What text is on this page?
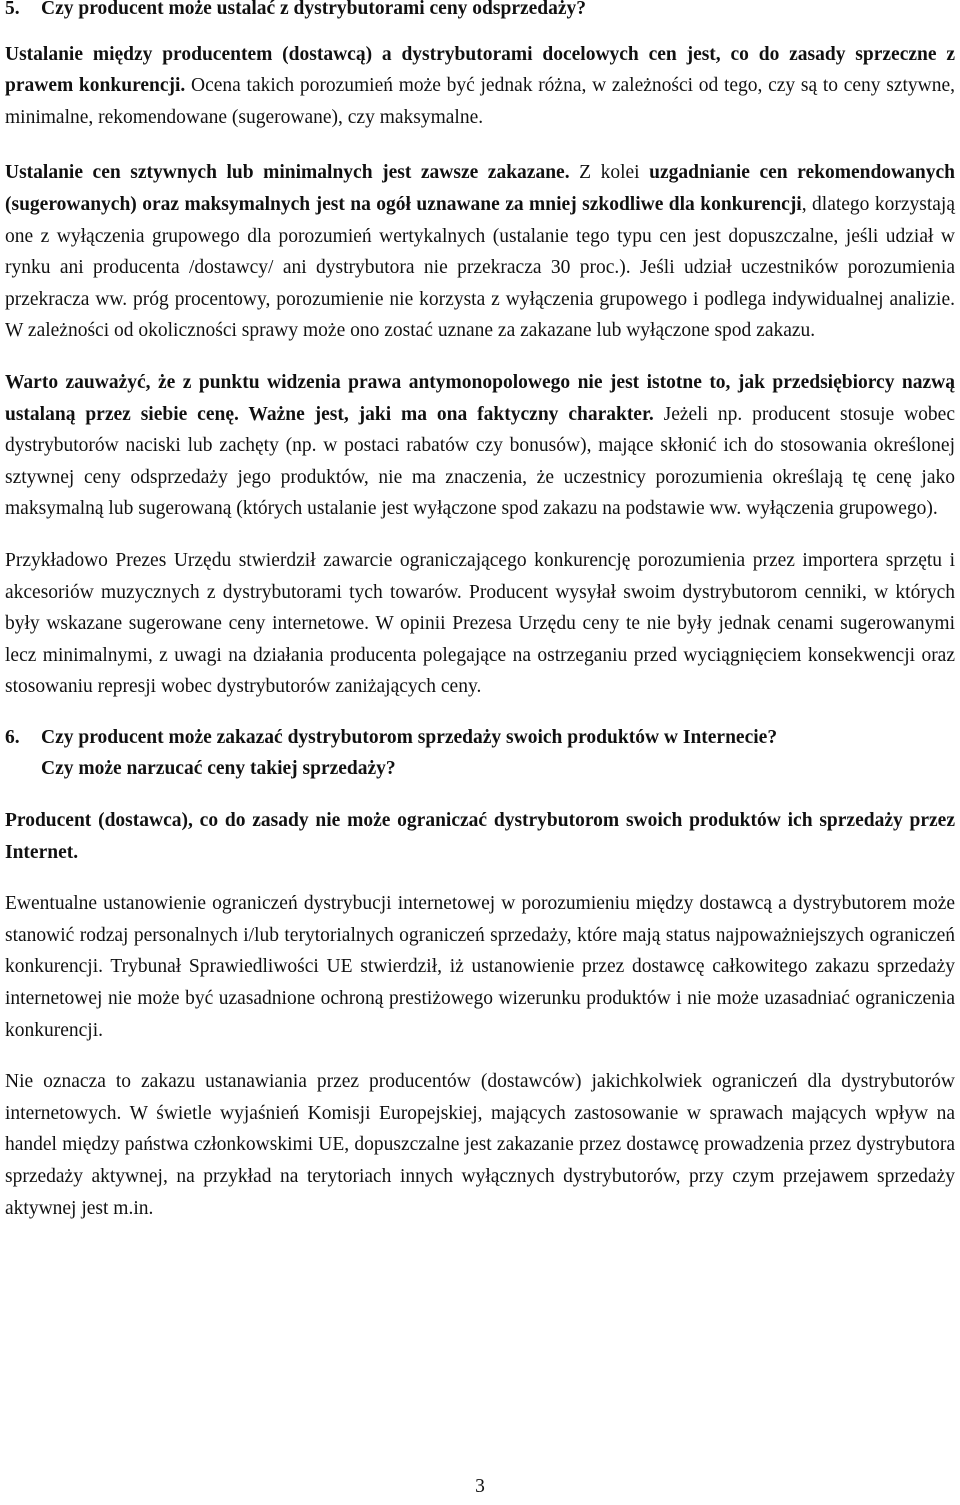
5. Czy producent może ustalać z dystrybutorami ceny odsprzedaży?

Ustalanie między producentem (dostawcą) a dystrybutorami docelowych cen jest, co do zasady sprzeczne z prawem konkurencji. Ocena takich porozumień może być jednak różna, w zależności od tego, czy są to ceny sztywne, minimalne, rekomendowane (sugerowane), czy maksymalne.

Ustalanie cen sztywnych lub minimalnych jest zawsze zakazane. Z kolei uzgadnianie cen rekomendowanych (sugerowanych) oraz maksymalnych jest na ogół uznawane za mniej szkodliwe dla konkurencji, dlatego korzystają one z wyłączenia grupowego dla porozumień wertykalnych (ustalanie tego typu cen jest dopuszczalne, jeśli udział w rynku ani producenta /dostawcy/ ani dystrybutora nie przekracza 30 proc.). Jeśli udział uczestników porozumienia przekracza ww. próg procentowy, porozumienie nie korzysta z wyłączenia grupowego i podlega indywidualnej analizie. W zależności od okoliczności sprawy może ono zostać uznane za zakazane lub wyłączone spod zakazu.

Warto zauważyć, że z punktu widzenia prawa antymonopolowego nie jest istotne to, jak przedsiębiorcy nazwą ustalaną przez siebie cenę. Ważne jest, jaki ma ona faktyczny charakter. Jeżeli np. producent stosuje wobec dystrybutorów naciski lub zachęty (np. w postaci rabatów czy bonusów), mające skłonić ich do stosowania określonej sztywnej ceny odsprzedaży jego produktów, nie ma znaczenia, że uczestnicy porozumienia określają tę cenę jako maksymalną lub sugerowaną (których ustalanie jest wyłączone spod zakazu na podstawie ww. wyłączenia grupowego).

Przykładowo Prezes Urzędu stwierdził zawarcie ograniczającego konkurencję porozumienia przez importera sprzętu i akcesoriów muzycznych z dystrybutorami tych towarów. Producent wysyłał swoim dystrybutorom cenniki, w których były wskazane sugerowane ceny internetowe. W opinii Prezesa Urzędu ceny te nie były jednak cenami sugerowanymi lecz minimalnymi, z uwagi na działania producenta polegające na ostrzeganiu przed wyciągnięciem konsekwencji oraz stosowaniu represji wobec dystrybutorów zaniżających ceny.

6. Czy producent może zakazać dystrybutorom sprzedaży swoich produktów w Internecie?
Czy może narzucać ceny takiej sprzedaży?

Producent (dostawca), co do zasady nie może ograniczać dystrybutorom swoich produktów ich sprzedaży przez Internet.

Ewentualne ustanowienie ograniczeń dystrybucji internetowej w porozumieniu między dostawcą a dystrybutorem może stanowić rodzaj personalnych i/lub terytorialnych ograniczeń sprzedaży, które mają status najpoważniejszych ograniczeń konkurencji. Trybunał Sprawiedliwości UE stwierdził, iż ustanowienie przez dostawcę całkowitego zakazu sprzedaży internetowej nie może być uzasadnione ochroną prestiżowego wizerunku produktów i nie może uzasadniać ograniczenia konkurencji.

Nie oznacza to zakazu ustanawiania przez producentów (dostawców) jakichkolwiek ograniczeń dla dystrybutorów internetowych. W świetle wyjaśnień Komisji Europejskiej, mających zastosowanie w sprawach mających wpływ na handel między państwa członkowskimi UE, dopuszczalne jest zakazanie przez dostawcę prowadzenia przez dystrybutora sprzedaży aktywnej, na przykład na terytoriach innych wyłącznych dystrybutorów, przy czym przejawem sprzedaży aktywnej jest m.in.

3
